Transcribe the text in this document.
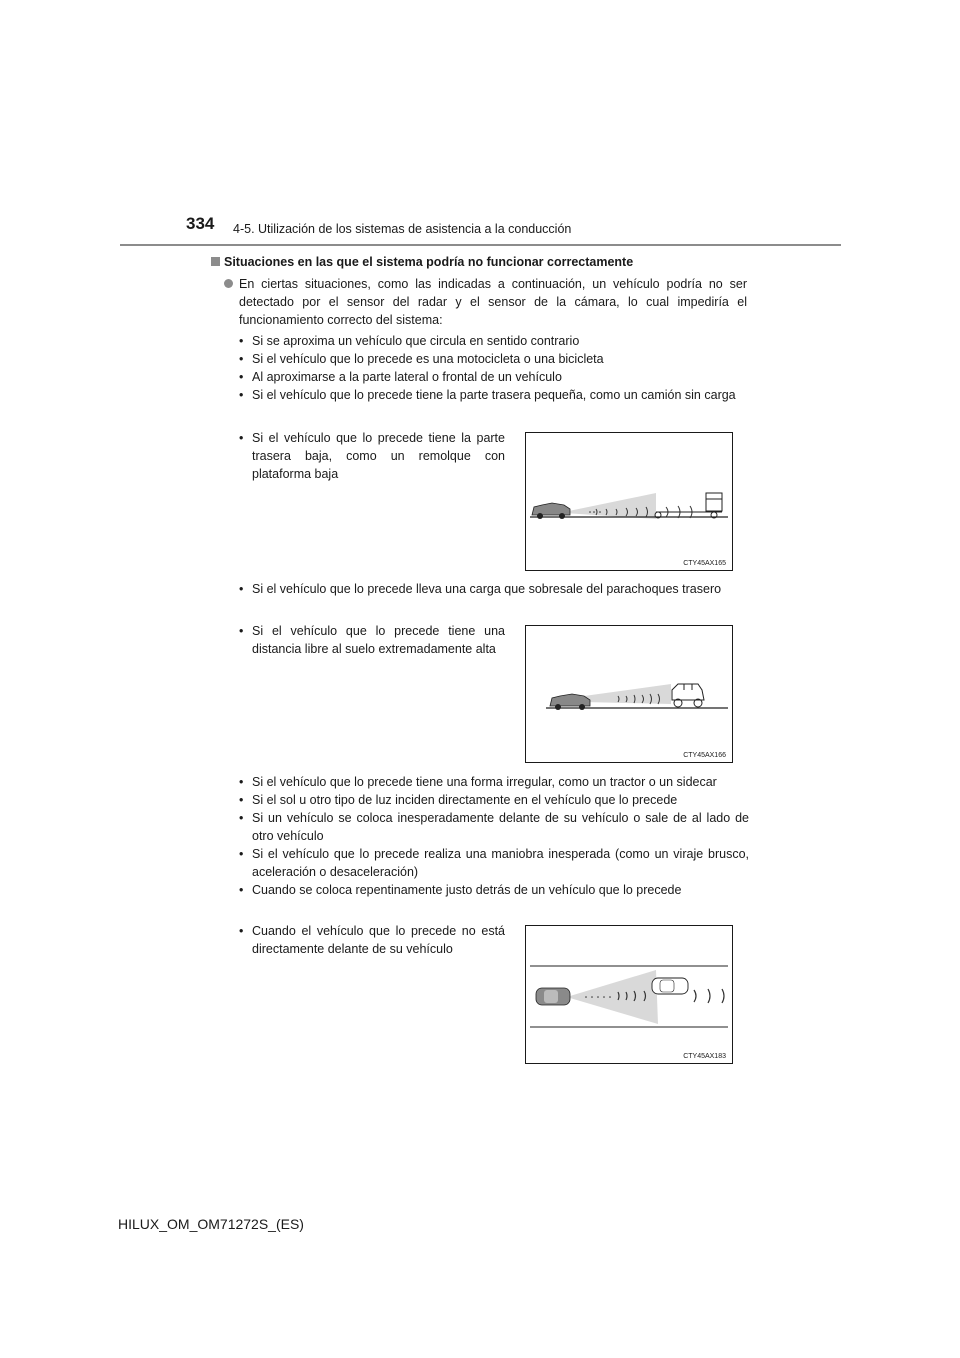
334 4-5. Utilización de los sistemas de asistencia a la conducción
Situaciones en las que el sistema podría no funcionar correctamente

En ciertas situaciones, como las indicadas a continuación, un vehículo podría no ser detectado por el sensor del radar y el sensor de la cámara, lo cual impediría el funcionamiento correcto del sistema:

• Si se aproxima un vehículo que circula en sentido contrario
• Si el vehículo que lo precede es una motocicleta o una bicicleta
• Al aproximarse a la parte lateral o frontal de un vehículo
• Si el vehículo que lo precede tiene la parte trasera pequeña, como un camión sin carga
• Si el vehículo que lo precede tiene la parte trasera baja, como un remolque con plataforma baja
CTY45AX165
• Si el vehículo que lo precede lleva una carga que sobresale del parachoques trasero
• Si el vehículo que lo precede tiene una distancia libre al suelo extremadamente alta
CTY45AX166
• Si el vehículo que lo precede tiene una forma irregular, como un tractor o un sidecar
• Si el sol u otro tipo de luz inciden directamente en el vehículo que lo precede
• Si un vehículo se coloca inesperadamente delante de su vehículo o sale de al lado de otro vehículo
• Si el vehículo que lo precede realiza una maniobra inesperada (como un viraje brusco, aceleración o desaceleración)
• Cuando se coloca repentinamente justo detrás de un vehículo que lo precede
• Cuando el vehículo que lo precede no está directamente delante de su vehículo
CTY45AX183
HILUX_OM_OM71272S_(ES)
